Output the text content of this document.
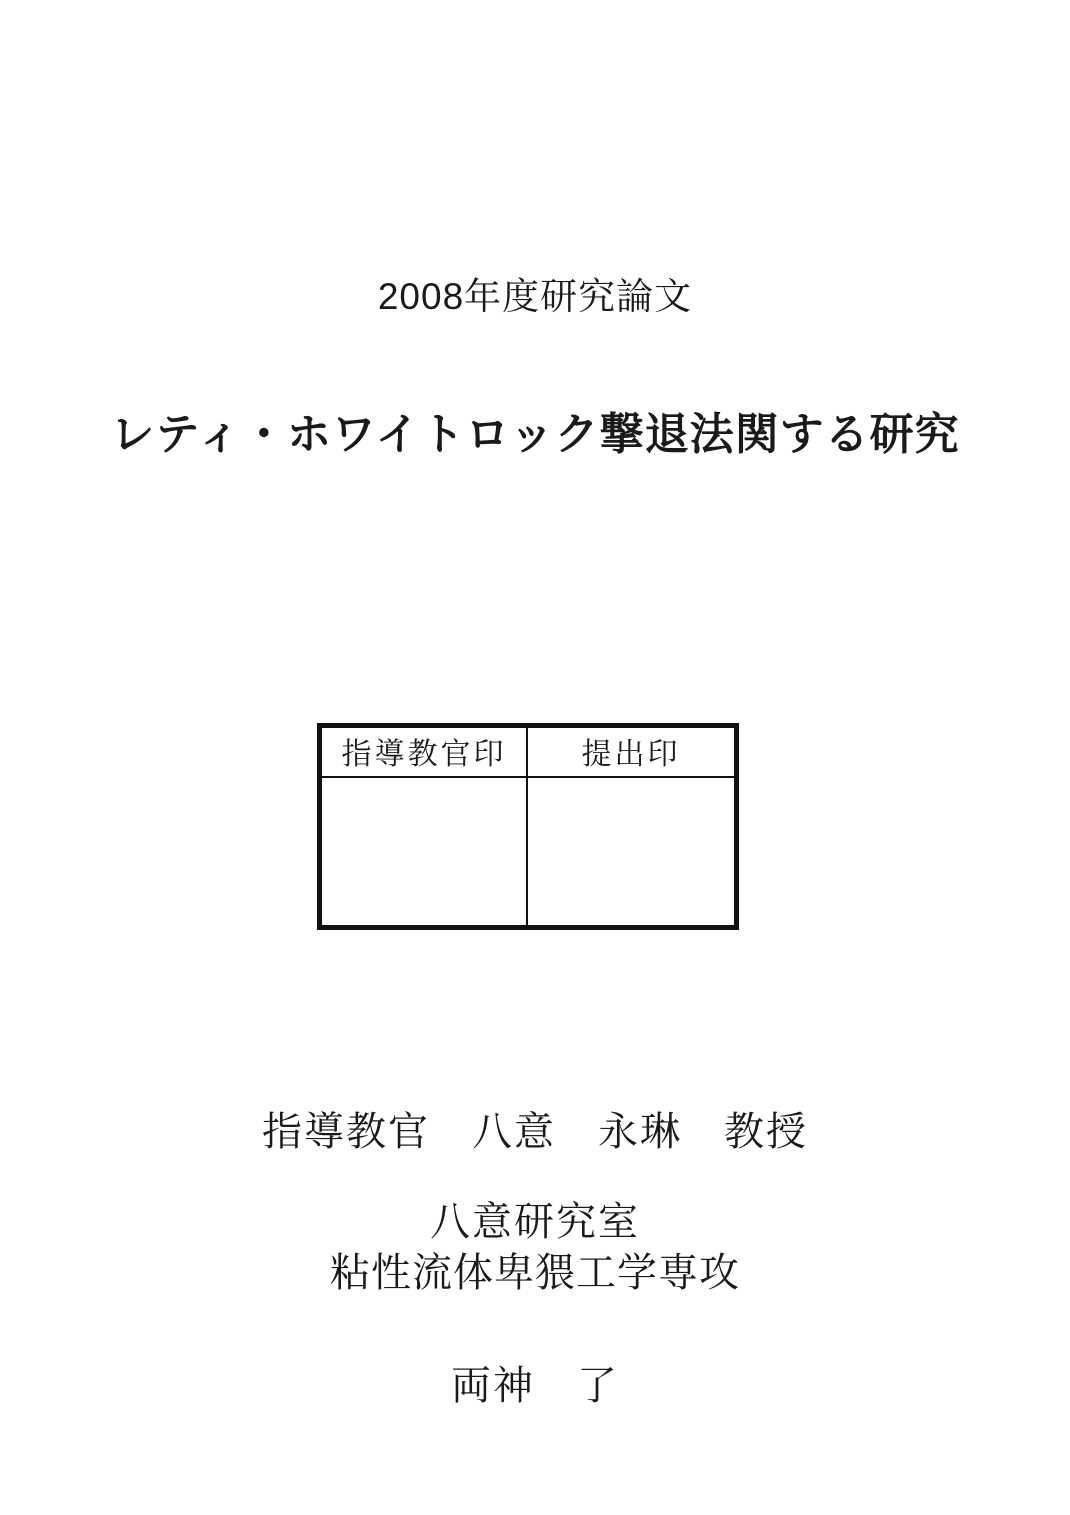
2008年度研究論文
レティ・ホワイトロック撃退法関する研究
指導教官印	提出印
指導教官　八意　永琳　教授
八意研究室
粘性流体卑猥工学専攻
両神　了
